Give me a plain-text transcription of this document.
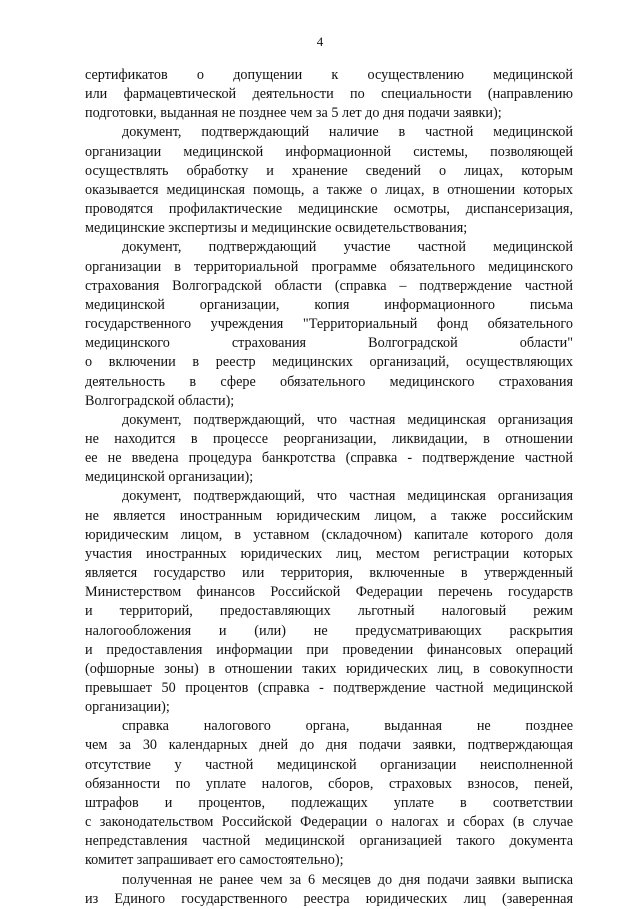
4
сертификатов о допущении к осуществлению медицинской
или фармацевтической деятельности по специальности (направлению
подготовки, выданная не позднее чем за 5 лет до дня подачи заявки);
документ, подтверждающий наличие в частной медицинской
организации медицинской информационной системы, позволяющей
осуществлять обработку и хранение сведений о лицах, которым
оказывается медицинская помощь, а также о лицах, в отношении которых
проводятся профилактические медицинские осмотры, диспансеризация,
медицинские экспертизы и медицинские освидетельствования;
документ, подтверждающий участие частной медицинской
организации в территориальной программе обязательного медицинского
страхования Волгоградской области (справка – подтверждение частной
медицинской организации, копия информационного письма
государственного учреждения "Территориальный фонд обязательного
медицинского страхования Волгоградской области"
о включении в реестр медицинских организаций, осуществляющих
деятельность в сфере обязательного медицинского страхования
Волгоградской области);
документ, подтверждающий, что частная медицинская организация
не находится в процессе реорганизации, ликвидации, в отношении
ее не введена процедура банкротства (справка - подтверждение частной
медицинской организации);
документ, подтверждающий, что частная медицинская организация
не является иностранным юридическим лицом, а также российским
юридическим лицом, в уставном (складочном) капитале которого доля
участия иностранных юридических лиц, местом регистрации которых
является государство или территория, включенные в утвержденный
Министерством финансов Российской Федерации перечень государств
и территорий, предоставляющих льготный налоговый режим
налогообложения и (или) не предусматривающих раскрытия
и предоставления информации при проведении финансовых операций
(офшорные зоны) в отношении таких юридических лиц, в совокупности
превышает 50 процентов (справка - подтверждение частной медицинской
организации);
справка налогового органа, выданная не позднее
чем за 30 календарных дней до дня подачи заявки, подтверждающая
отсутствие у частной медицинской организации неисполненной
обязанности по уплате налогов, сборов, страховых взносов, пеней,
штрафов и процентов, подлежащих уплате в соответствии
с законодательством Российской Федерации о налогах и сборах (в случае
непредставления частной медицинской организацией такого документа
комитет запрашивает его самостоятельно);
полученная не ранее чем за 6 месяцев до дня подачи заявки выписка
из Единого государственного реестра юридических лиц (заверенная
